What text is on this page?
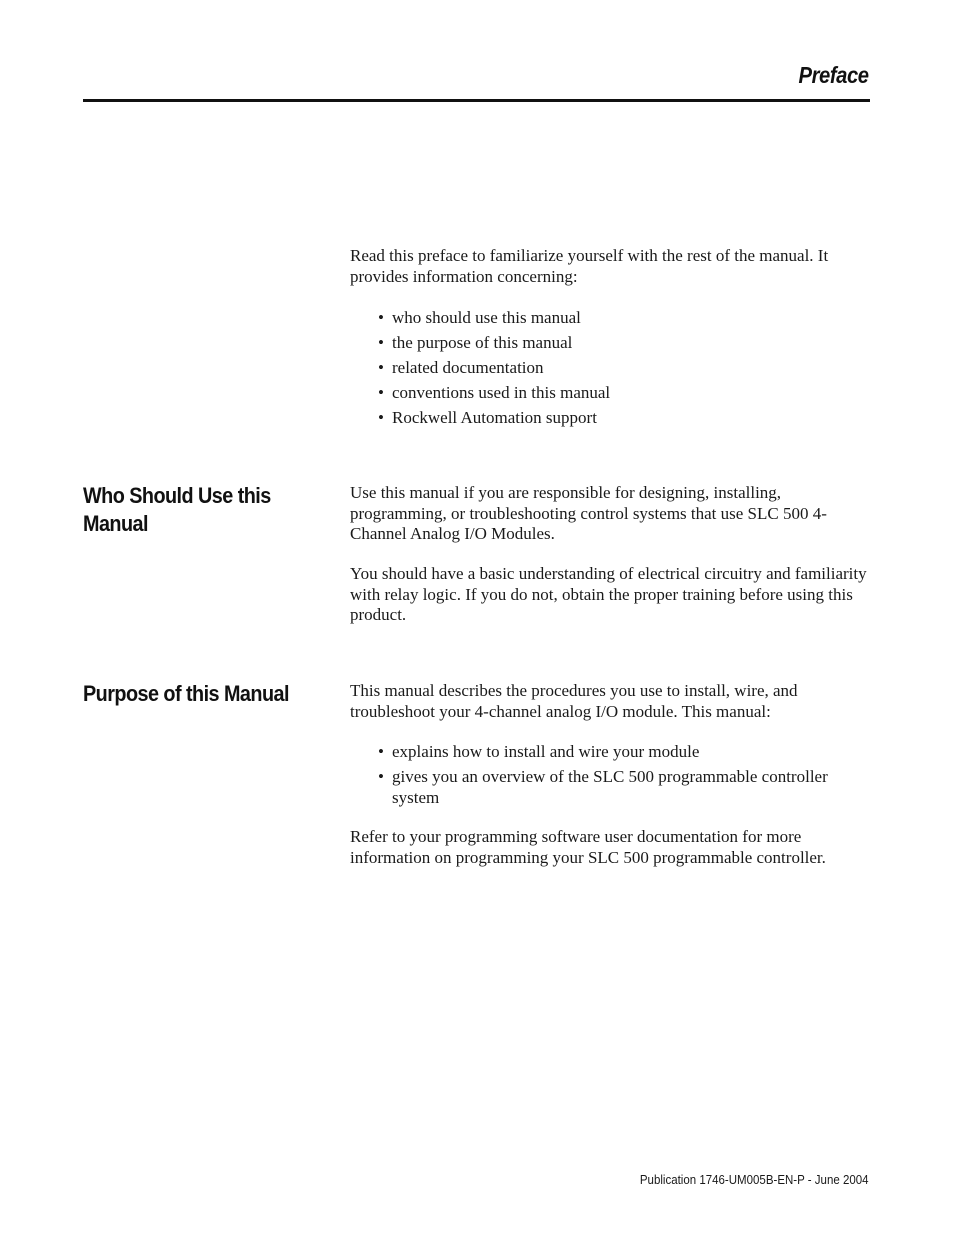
Preface

Read this preface to familiarize yourself with the rest of the manual. It provides information concerning:

• who should use this manual
• the purpose of this manual
• related documentation
• conventions used in this manual
• Rockwell Automation support
Who Should Use this Manual

Use this manual if you are responsible for designing, installing, programming, or troubleshooting control systems that use SLC 500 4-Channel Analog I/O Modules.

You should have a basic understanding of electrical circuitry and familiarity with relay logic. If you do not, obtain the proper training before using this product.

Purpose of this Manual	This manual describes the procedures you use to install, wire, and troubleshoot your 4-channel analog I/O module. This manual:

• explains how to install and wire your module
• gives you an overview of the SLC 500 programmable controller system

Refer to your programming software user documentation for more information on programming your SLC 500 programmable controller.

Publication 1746-UM005B-EN-P - June 2004
